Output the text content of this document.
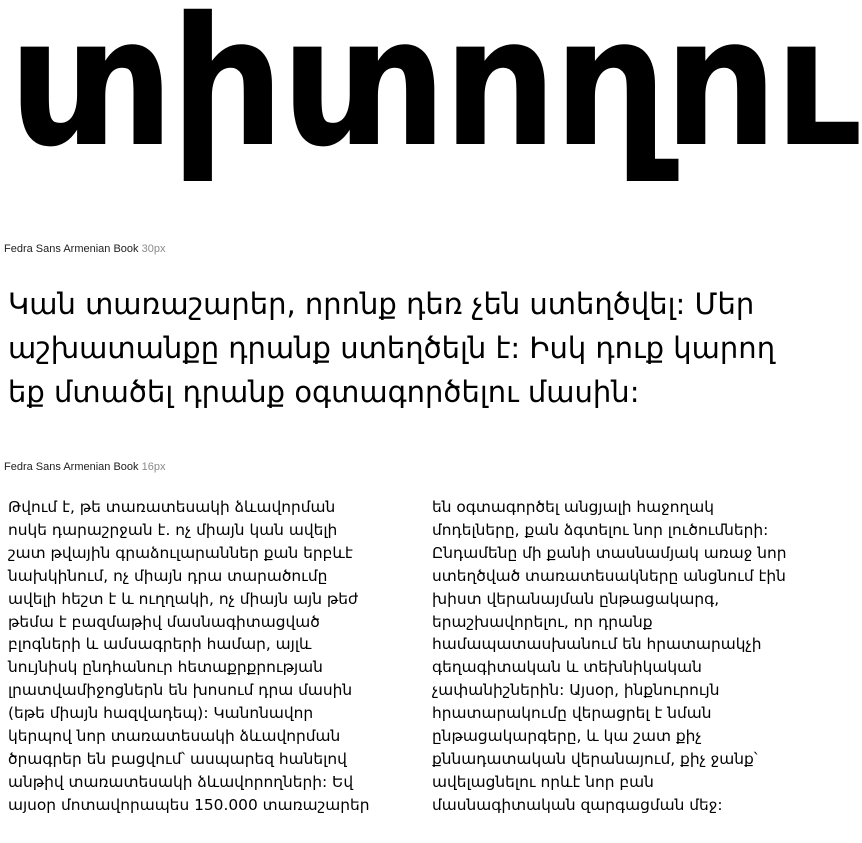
տիտողու
Fedra Sans Armenian Book 30px
Կան տառաշարեր, որոնք դեռ չեն ստեղծվել: Մեր
աշխատանքը դրանք ստեղծելն է: Իսկ դուք կարող
եք մտածել դրանք օգտագործելու մասին:
Fedra Sans Armenian Book 16px
Թվում է, թե տառատեսակի ձևավորման
ոսկե դարաշրջան է. ոչ միայն կան ավելի
շատ թվային գրաձուլարաններ քան երբևէ
նախկինում, ոչ միայն դրա տարածումը
ավելի հեշտ է և ուղղակի, ոչ միայն այն թեժ
թեմա է բազմաթիվ մասնագիտացված
բլոգների և ամսագրերի համար, այլև
նույնիսկ ընդհանուր հետաքրքրության
լրատվամիջոցներն են խոսում դրա մասին
(եթե միայն հազվադեպ): Կանոնավոր
կերպով նոր տառատեսակի ձևավորման
ծրագրեր են բացվում՝ ասպարեզ հանելով
անթիվ տառատեսակի ձևավորողների: Եվ
այսօր մոտավորապես 150.000 տառաշարեր
են օգտագործել անցյալի հաջողակ
մոդելները, քան ձգտելու նոր լուծումների:
Ընդամենը մի քանի տասնամյակ առաջ նոր
ստեղծված տառատեսակները անցնում էին
խիստ վերանայման ընթացակարգ,
երաշխավորելու, որ դրանք
համապատասխանում են հրատարակչի
գեղագիտական և տեխնիկական
չափանիշներին: Այսօր, ինքնուրույն
հրատարակումը վերացրել է նման
ընթացակարգերը, և կա շատ քիչ
քննադատական վերանայում, քիչ ջանք՝
ավելացնելու որևէ նոր բան
մասնագիտական զարգացման մեջ:
